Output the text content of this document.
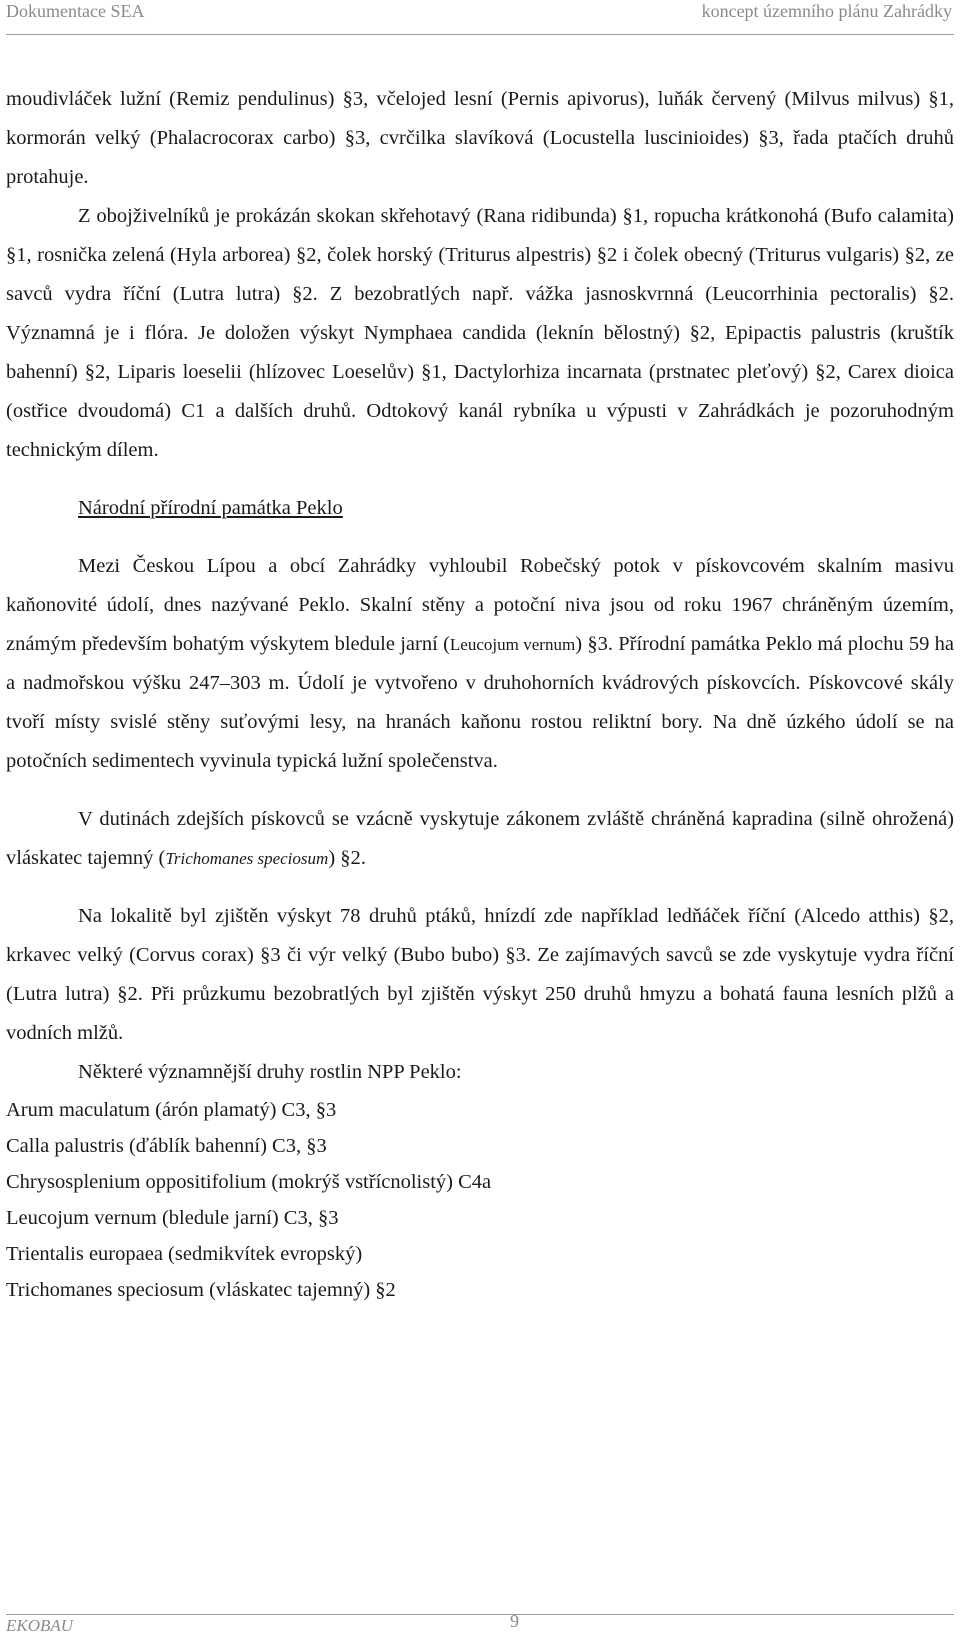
Dokumentace SEA	koncept územního plánu Zahrádky

moudivláček lužní (Remiz pendulinus) §3, včelojed lesní (Pernis apivorus), luňák červený (Milvus milvus) §1, kormorán velký (Phalacrocorax carbo) §3, cvrčilka slavíková (Locustella luscinioides) §3, řada ptačích druhů protahuje.

Z obojživelníků je prokázán skokan skřehotavý (Rana ridibunda) §1, ropucha krátkonohá (Bufo calamita) §1, rosnička zelená (Hyla arborea) §2, čolek horský (Triturus alpestris) §2 i čolek obecný (Triturus vulgaris) §2, ze savců vydra říční (Lutra lutra) §2. Z bezobratlých např. vážka jasnoskvrnná (Leucorrhinia pectoralis) §2. Významná je i flóra. Je doložen výskyt Nymphaea candida (leknín bělostný) §2, Epipactis palustris (kruštík bahenní) §2, Liparis loeselii (hlízovec Loeselův) §1, Dactylorhiza incarnata (prstnatec pleťový) §2, Carex dioica (ostřice dvoudomá) C1 a dalších druhů. Odtokový kanál rybníka u výpusti v Zahrádkách je pozoruhodným technickým dílem.

Národní přírodní památka Peklo

Mezi Českou Lípou a obcí Zahrádky vyhloubil Robečský potok v pískovcovém skalním masivu kaňonovité údolí, dnes nazývané Peklo. Skalní stěny a potoční niva jsou od roku 1967 chráněným územím, známým především bohatým výskytem bledule jarní (Leucojum vernum) §3. Přírodní památka Peklo má plochu 59 ha a nadmořskou výšku 247–303 m. Údolí je vytvořeno v druhohorních kvádrových pískovcích. Pískovcové skály tvoří místy svislé stěny suťovými lesy, na hranách kaňonu rostou reliktní bory. Na dně úzkého údolí se na potočních sedimentech vyvinula typická lužní společenstva.

V dutinách zdejších pískovců se vzácně vyskytuje zákonem zvláště chráněná kapradina (silně ohrožená) vláskatec tajemný (Trichomanes speciosum) §2.

Na lokalitě byl zjištěn výskyt 78 druhů ptáků, hnízdí zde například ledňáček říční (Alcedo atthis) §2, krkavec velký (Corvus corax) §3 či výr velký (Bubo bubo) §3. Ze zajímavých savců se zde vyskytuje vydra říční (Lutra lutra) §2. Při průzkumu bezobratlých byl zjištěn výskyt 250 druhů hmyzu a bohatá fauna lesních plžů a vodních mlžů.

Některé významnější druhy rostlin NPP Peklo:
Arum maculatum (árón plamatý) C3, §3
Calla palustris (ďáblík bahenní) C3, §3
Chrysosplenium oppositifolium (mokrýš vstřícnolistý) C4a
Leucojum vernum (bledule jarní) C3, §3
Trientalis europaea (sedmikvítek evropský)
Trichomanes speciosum (vláskatec tajemný) §2
EKOBAU	9
